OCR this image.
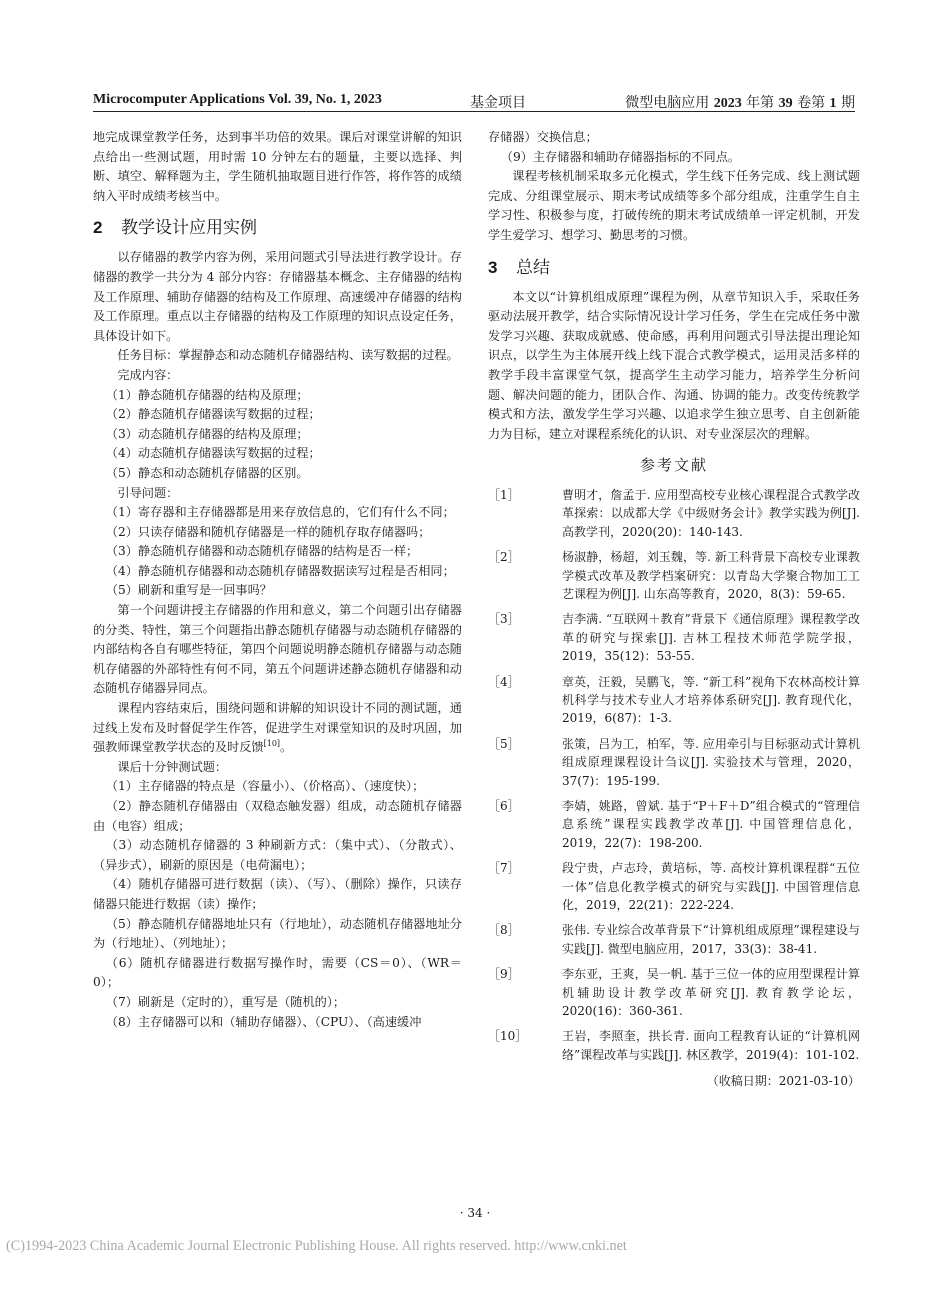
Microcomputer Applications Vol. 39, No. 1, 2023	基金项目	微型电脑应用 2023 年第 39 卷第 1 期

地完成课堂教学任务，达到事半功倍的效果。课后对课堂讲解的知识点给出一些测试题，用时需 10 分钟左右的题量，主要以选择、判断、填空、解释题为主，学生随机抽取题目进行作答，将作答的成绩纳入平时成绩考核当中。

2 教学设计应用实例

以存储器的教学内容为例，采用问题式引导法进行教学设计。存储器的教学一共分为 4 部分内容：存储器基本概念、主存储器的结构及工作原理、辅助存储器的结构及工作原理、高速缓冲存储器的结构及工作原理。重点以主存储器的结构及工作原理的知识点设定任务，具体设计如下。

任务目标：掌握静态和动态随机存储器结构、读写数据的过程。

完成内容：

（1）静态随机存储器的结构及原理；

（2）静态随机存储器读写数据的过程；

（3）动态随机存储器的结构及原理；

（4）动态随机存储器读写数据的过程；

（5）静态和动态随机存储器的区别。

引导问题：

（1）寄存器和主存储器都是用来存放信息的，它们有什么不同；

（2）只读存储器和随机存储器是一样的随机存取存储器吗；

（3）静态随机存储器和动态随机存储器的结构是否一样；

（4）静态随机存储器和动态随机存储器数据读写过程是否相同；

（5）刷新和重写是一回事吗？

第一个问题讲授主存储器的作用和意义，第二个问题引出存储器的分类、特性，第三个问题指出静态随机存储器与动态随机存储器的内部结构各自有哪些特征，第四个问题说明静态随机存储器与动态随机存储器的外部特性有何不同，第五个问题讲述静态随机存储器和动态随机存储器异同点。

课程内容结束后，围绕问题和讲解的知识设计不同的测试题，通过线上发布及时督促学生作答，促进学生对课堂知识的及时巩固，加强教师课堂教学状态的及时反馈[10]。

课后十分钟测试题：

（1）主存储器的特点是（容量小）、（价格高）、（速度快）；

（2）静态随机存储器由（双稳态触发器）组成，动态随机存储器由（电容）组成；

（3）动态随机存储器的 3 种刷新方式：（集中式）、（分散式）、（异步式），刷新的原因是（电荷漏电）；

（4）随机存储器可进行数据（读）、（写）、（删除）操作，只读存储器只能进行数据（读）操作；

（5）静态随机存储器地址只有（行地址），动态随机存储器地址分为（行地址）、（列地址）；

（6）随机存储器进行数据写操作时，需要（CS＝0）、（WR＝0）；

（7）刷新是（定时的），重写是（随机的）；

（8）主存储器可以和（辅助存储器）、（CPU）、（高速缓冲

存储器）交换信息；

（9）主存储器和辅助存储器指标的不同点。

课程考核机制采取多元化模式，学生线下任务完成、线上测试题完成、分组课堂展示、期末考试成绩等多个部分组成，注重学生自主学习性、积极参与度，打破传统的期末考试成绩单一评定机制，开发学生爱学习、想学习、勤思考的习惯。

3 总结

本文以“计算机组成原理”课程为例，从章节知识入手，采取任务驱动法展开教学，结合实际情况设计学习任务，学生在完成任务中激发学习兴趣、获取成就感、使命感，再利用问题式引导法提出理论知识点，以学生为主体展开线上线下混合式教学模式，运用灵活多样的教学手段丰富课堂气氛，提高学生主动学习能力，培养学生分析问题、解决问题的能力，团队合作、沟通、协调的能力。改变传统教学模式和方法，激发学生学习兴趣、以追求学生独立思考、自主创新能力为目标，建立对课程系统化的认识、对专业深层次的理解。

参考文献
［1］	曹明才，詹孟于. 应用型高校专业核心课程混合式教学改革探索：以成都大学《中级财务会计》教学实践为例[J]. 高教学刊，2020(20)：140-143.
［2］	杨淑静，杨超，刘玉魏，等. 新工科背景下高校专业课教学模式改革及教学档案研究：以青岛大学聚合物加工工艺课程为例[J]. 山东高等教育，2020，8(3)：59-65.
［3］	吉李满. “互联网＋教育”背景下《通信原理》课程教学改革的研究与探索[J]. 吉林工程技术师范学院学报，2019，35(12)：53-55.
［4］	章英，汪毅，吴鹏飞，等. “新工科”视角下农林高校计算机科学与技术专业人才培养体系研究[J]. 教育现代化，2019，6(87)：1-3.
［5］	张策，吕为工，柏军，等. 应用牵引与目标驱动式计算机组成原理课程设计刍议[J]. 实验技术与管理，2020，37(7)：195-199.
［6］	李婧，姚路，曾斌. 基于“P＋F＋D”组合模式的“管理信息系统”课程实践教学改革[J]. 中国管理信息化，2019，22(7)：198-200.
［7］	段宁贵，卢志玲，黄培标，等. 高校计算机课程群“五位一体”信息化教学模式的研究与实践[J]. 中国管理信息化，2019，22(21)：222-224.
［8］	张伟. 专业综合改革背景下“计算机组成原理”课程建设与实践[J]. 微型电脑应用，2017，33(3)：38-41.
［9］	李东亚，王爽，吴一帆. 基于三位一体的应用型课程计算机辅助设计教学改革研究[J]. 教育教学论坛，2020(16)：360-361.
［10］	王岩，李照奎，拱长青. 面向工程教育认证的“计算机网络”课程改革与实践[J]. 林区教学，2019(4)：101-102.
（收稿日期：2021-03-10）
· 34 ·
(C)1994-2023 China Academic Journal Electronic Publishing House. All rights reserved. http://www.cnki.net
